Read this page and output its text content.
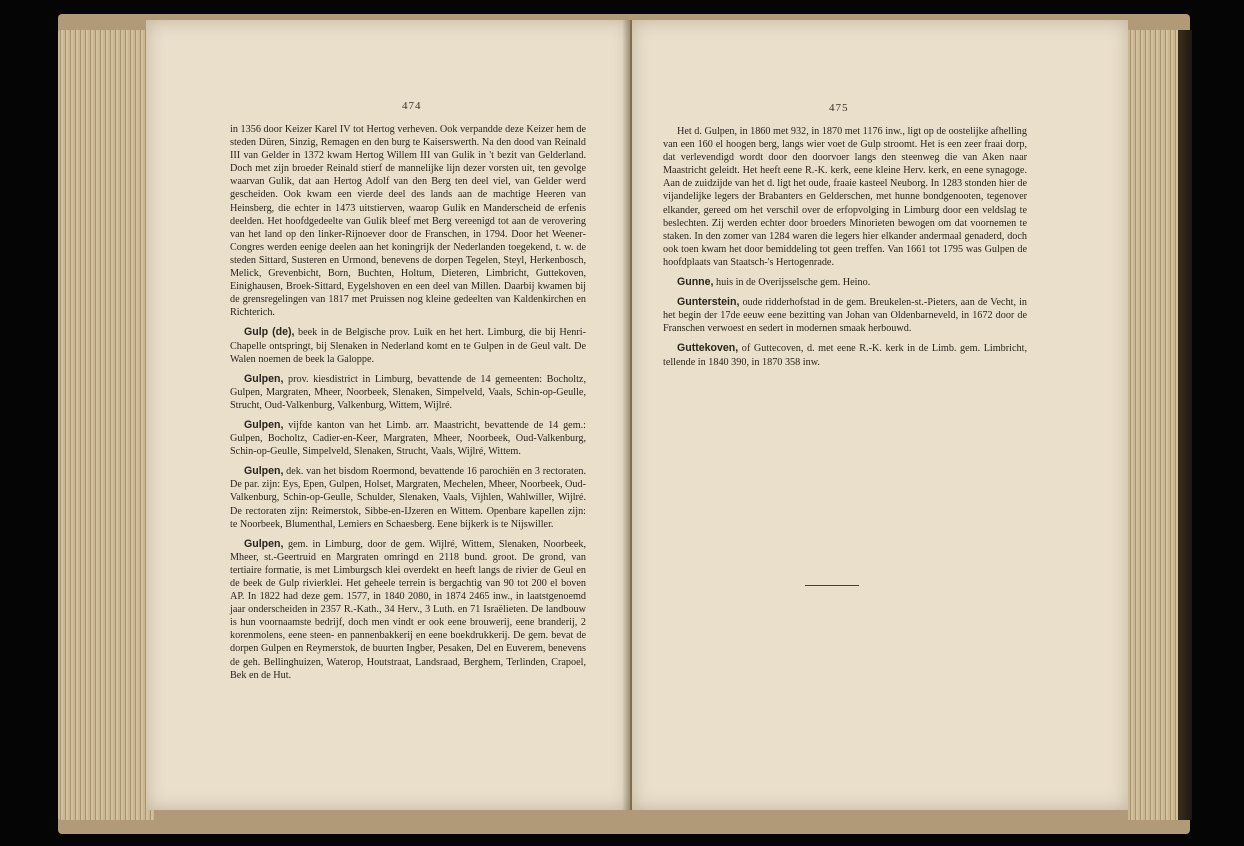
474

in 1356 door Keizer Karel IV tot Hertog verheven. Ook verpandde deze Keizer hem de steden Düren, Sinzig, Remagen en den burg te Kaiserswerth. Na den dood van Reinald III van Gelder in 1372 kwam Hertog Willem III van Gulik in 't bezit van Gelderland. Doch met zijn broeder Reinald stierf de mannelijke lijn dezer vorsten uit, ten gevolge waarvan Gulik, dat aan Hertog Adolf van den Berg ten deel viel, van Gelder werd gescheiden. Ook kwam een vierde deel des lands aan de machtige Heeren van Heinsberg, die echter in 1473 uitstierven, waarop Gulik en Manderscheid de erfenis deelden. Het hoofdgedeelte van Gulik bleef met Berg vereenigd tot aan de verovering van het land op den linker-Rijnoever door de Franschen, in 1794. Door het Weener-Congres werden eenige deelen aan het koningrijk der Nederlanden toegekend, t. w. de steden Sittard, Susteren en Urmond, benevens de dorpen Tegelen, Steyl, Herkenbosch, Melick, Grevenbicht, Born, Buchten, Holtum, Dieteren, Limbricht, Guttekoven, Einighausen, Broek-Sittard, Eygelshoven en een deel van Millen. Daarbij kwamen bij de grensregelingen van 1817 met Pruissen nog kleine gedeelten van Kaldenkirchen en Richterich.

Gulp (de), beek in de Belgische prov. Luik en het hert. Limburg, die bij Henri-Chapelle ontspringt, bij Slenaken in Nederland komt en te Gulpen in de Geul valt. De Walen noemen de beek la Galoppe.

Gulpen, prov. kiesdistrict in Limburg, bevattende de 14 gemeenten: Bocholtz, Gulpen, Margraten, Mheer, Noorbeek, Slenaken, Simpelveld, Vaals, Schin-op-Geulle, Strucht, Oud-Valkenburg, Valkenburg, Wittem, Wijlré.

Gulpen, vijfde kanton van het Limb. arr. Maastricht, bevattende de 14 gem.: Gulpen, Bocholtz, Cadier-en-Keer, Margraten, Mheer, Noorbeek, Oud-Valkenburg, Schin-op-Geulle, Simpelveld, Slenaken, Strucht, Vaals, Wijlré, Wittem.

Gulpen, dek. van het bisdom Roermond, bevattende 16 parochiën en 3 rectoraten. De par. zijn: Eys, Epen, Gulpen, Holset, Margraten, Mechelen, Mheer, Noorbeek, Oud-Valkenburg, Schin-op-Geulle, Schulder, Slenaken, Vaals, Vijhlen, Wahlwiller, Wijlré. De rectoraten zijn: Reimerstok, Sibbe-en-IJzeren en Wittem. Openbare kapellen zijn: te Noorbeek, Blumenthal, Lemiers en Schaesberg. Eene bijkerk is te Nijswiller.

Gulpen, gem. in Limburg, door de gem. Wijlré, Wittem, Slenaken, Noorbeek, Mheer, st.-Geertruid en Margraten omringd en 2118 bund. groot. De grond, van tertiaire formatie, is met Limburgsch klei overdekt en heeft langs de rivier de Geul en de beek de Gulp rivierklei. Het geheele terrein is bergachtig van 90 tot 200 el boven AP. In 1822 had deze gem. 1577, in 1840 2080, in 1874 2465 inw., in laatstgenoemd jaar onderscheiden in 2357 R.-Kath., 34 Herv., 3 Luth. en 71 Israëlieten. De landbouw is hun voornaamste bedrijf, doch men vindt er ook eene brouwerij, eene branderij, 2 korenmolens, eene steen- en pannenbakkerij en eene boekdrukkerij. De gem. bevat de dorpen Gulpen en Reymerstok, de buurten Ingber, Pesaken, Del en Euverem, benevens de geh. Bellinghuizen, Waterop, Houtstraat, Landsraad, Berghem, Terlinden, Crapoel, Bek en de Hut.

475

Het d. Gulpen, in 1860 met 932, in 1870 met 1176 inw., ligt op de oostelijke afhelling van een 160 el hoogen berg, langs wier voet de Gulp stroomt. Het is een zeer fraai dorp, dat verlevendigd wordt door den doorvoer langs den steenweg die van Aken naar Maastricht geleidt. Het heeft eene R.-K. kerk, eene kleine Herv. kerk, en eene synagoge. Aan de zuidzijde van het d. ligt het oude, fraaie kasteel Neuborg. In 1283 stonden hier de vijandelijke legers der Brabanters en Gelderschen, met hunne bondgenooten, tegenover elkander, gereed om het verschil over de erfopvolging in Limburg door een veldslag te beslechten. Zij werden echter door broeders Minorieten bewogen om dat voornemen te staken. In den zomer van 1284 waren die legers hier elkander andermaal genaderd, doch ook toen kwam het door bemiddeling tot geen treffen. Van 1661 tot 1795 was Gulpen de hoofdplaats van Staatsch-'s Hertogenrade.

Gunne, huis in de Overijsselsche gem. Heino.

Gunterstein, oude ridderhofstad in de gem. Breukelen-st.-Pieters, aan de Vecht, in het begin der 17de eeuw eene bezitting van Johan van Oldenbarneveld, in 1672 door de Franschen verwoest en sedert in modernen smaak herbouwd.

Guttekoven, of Guttecoven, d. met eene R.-K. kerk in de Limb. gem. Limbricht, tellende in 1840 390, in 1870 358 inw.
